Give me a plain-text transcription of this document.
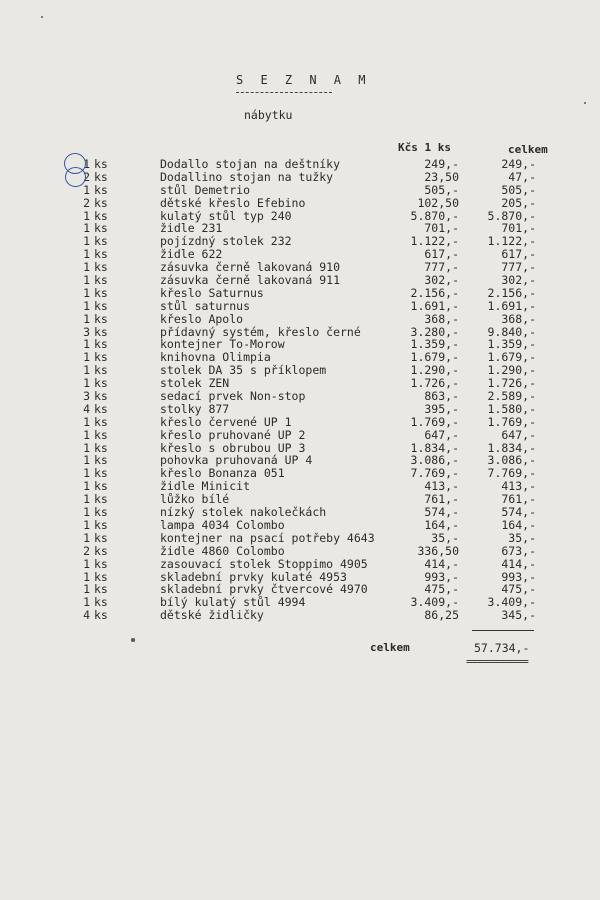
S E Z N A M
nábytku
Kčs 1 ks	celkem
1 ks	Dodallo stojan na deštníky	249,-	249,-
2 ks	Dodallino stojan na tužky	23,50	47,-
1 ks	stůl Demetrio	505,-	505,-
2 ks	dětské křeslo Efebino	102,50	205,-
1 ks	kulatý stůl typ 240	5.870,- 5.870,-
1 ks	židle 231	701,-	701,-
1 ks	pojízdný stolek 232	1.122,- 1.122,-
1 ks	židle 622	617,-	617,-
1 ks	zásuvka černě lakovaná 910	777,-	777,-
1 ks	zásuvka černě lakovaná 911	302,-	302,-
1 ks	křeslo Saturnus	2.156,- 2.156,-
1 ks	stůl saturnus	1.691,- 1.691,-
1 ks	křeslo Apolo	368,-	368,-
3 ks	přídavný systém, křeslo černé	3.280,- 9.840,-
1 ks	kontejner To-Morow	1.359,- 1.359,-
1 ks	knihovna Olimpia	1.679,- 1.679,-
1 ks	stolek DA 35 s příklopem	1.290,- 1.290,-
1 ks	stolek ZEN	1.726,- 1.726,-
3 ks	sedací prvek Non-stop	863,- 2.589,-
4 ks	stolky 877	395,- 1.580,-
1 ks	křeslo červené UP 1	1.769,- 1.769,-
1 ks	křeslo pruhované UP 2	647,-	647,-
1 ks	křeslo s obrubou UP 3	1.834,- 1.834,-
1 ks	pohovka pruhovaná UP 4	3.086,- 3.086,-
1 ks	křeslo Bonanza 051	7.769,- 7.769,-
1 ks	židle Minicit	413,-	413,-
1 ks	lůžko bílé	761,-	761,-
1 ks	nízký stolek nakolečkách	574,-	574,-
1 ks	lampa 4034 Colombo	164,-	164,-
1 ks	kontejner na psací potřeby 4643	35,-	35,-
2 ks	židle 4860 Colombo	336,50	673,-
1 ks	zasouvací stolek Stoppimo 4905	414,-	414,-
1 ks	skladební prvky kulaté 4953	993,-	993,-
1 ks	skladební prvky čtvercové 4970	475,-	475,-
1 ks	bílý kulatý stůl 4994	3.409,- 3.409,-
4 ks	dětské židličky	86,25	345,-
celkem	57.734,-
===========
